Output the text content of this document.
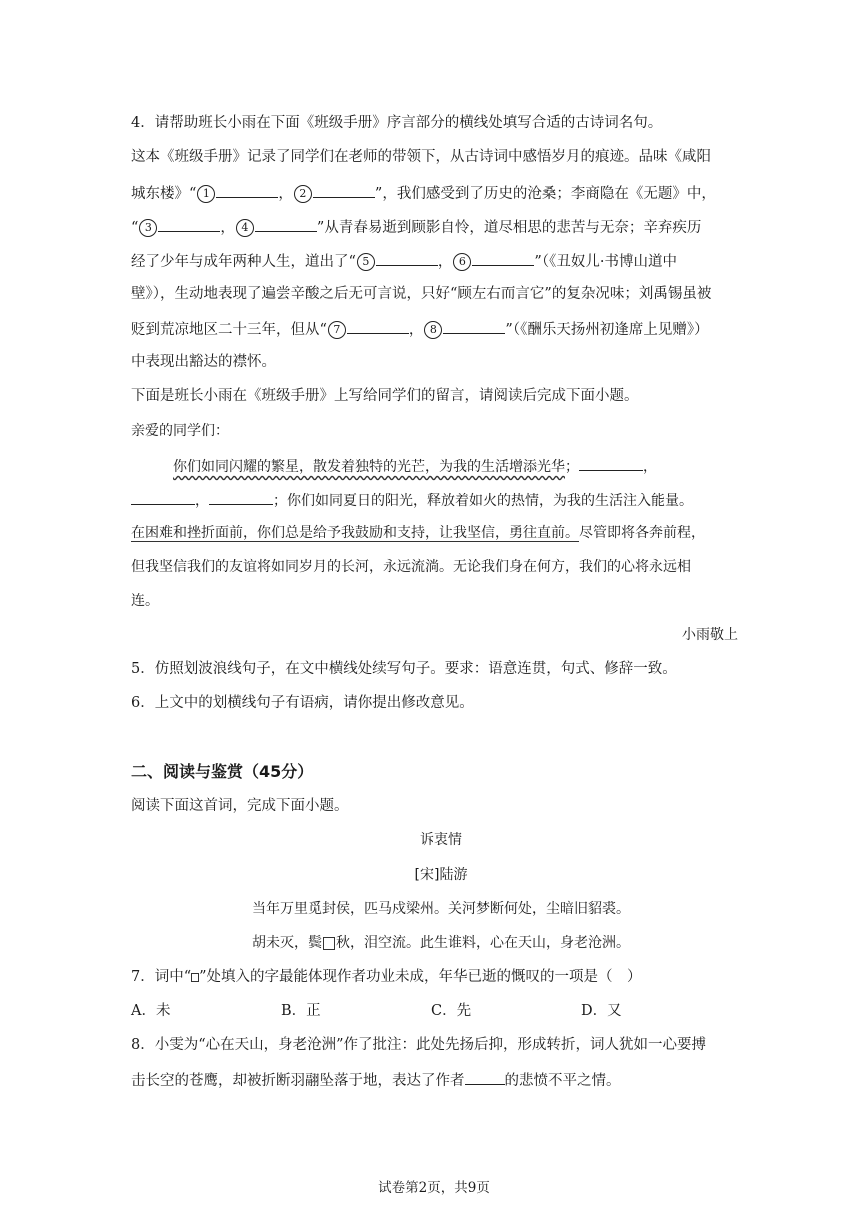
4．请帮助班长小雨在下面《班级手册》序言部分的横线处填写合适的古诗词名句。
这本《班级手册》记录了同学们在老师的带领下，从古诗词中感悟岁月的痕迹。品味《咸阳
城东楼》“ 1	， 2	”，我们感受到了历史的沧桑；李商隐在《无题》中，
“ 3	， 4	”从青春易逝到顾影自怜，道尽相思的悲苦与无奈；辛弃疾历
经了少年与成年两种人生，道出了“ 5	， 6	”（《丑奴儿·书博山道中
壁》），生动地表现了遍尝辛酸之后无可言说，只好“顾左右而言它”的复杂况味；刘禹锡虽被
贬到荒凉地区二十三年，但从“ 7	， 8	”（《酬乐天扬州初逢席上见赠》）
中表现出豁达的襟怀。
下面是班长小雨在《班级手册》上写给同学们的留言，请阅读后完成下面小题。
亲爱的同学们：
你们如同闪耀的繁星，散发着独特的光芒，为我的生活增添光华；	，
，	；你们如同夏日的阳光，释放着如火的热情，为我的生活注入能量。
在困难和挫折面前，你们总是给予我鼓励和支持，让我坚信，勇往直前。尽管即将各奔前程，
但我坚信我们的友谊将如同岁月的长河，永远流淌。无论我们身在何方，我们的心将永远相
连。
小雨敬上
5．仿照划波浪线句子，在文中横线处续写句子。要求：语意连贯，句式、修辞一致。
6．上文中的划横线句子有语病，请你提出修改意见。
二、阅读与鉴赏（45分）
阅读下面这首词，完成下面小题。
诉衷情
[宋]陆游
当年万里觅封侯，匹马戍梁州。关河梦断何处，尘暗旧貂裘。
胡未灭，鬓 秋，泪空流。此生谁料，心在天山，身老沧洲。
7．词中“ ”处填入的字最能体现作者功业未成，年华已逝的慨叹的一项是（　）
A．未	B．正	C．先	D．又
8．小雯为“心在天山，身老沧洲”作了批注：此处先扬后抑，形成转折，词人犹如一心要搏
击长空的苍鹰，却被折断羽翮坠落于地，表达了作者	的悲愤不平之情。
试卷第2页，共9页
